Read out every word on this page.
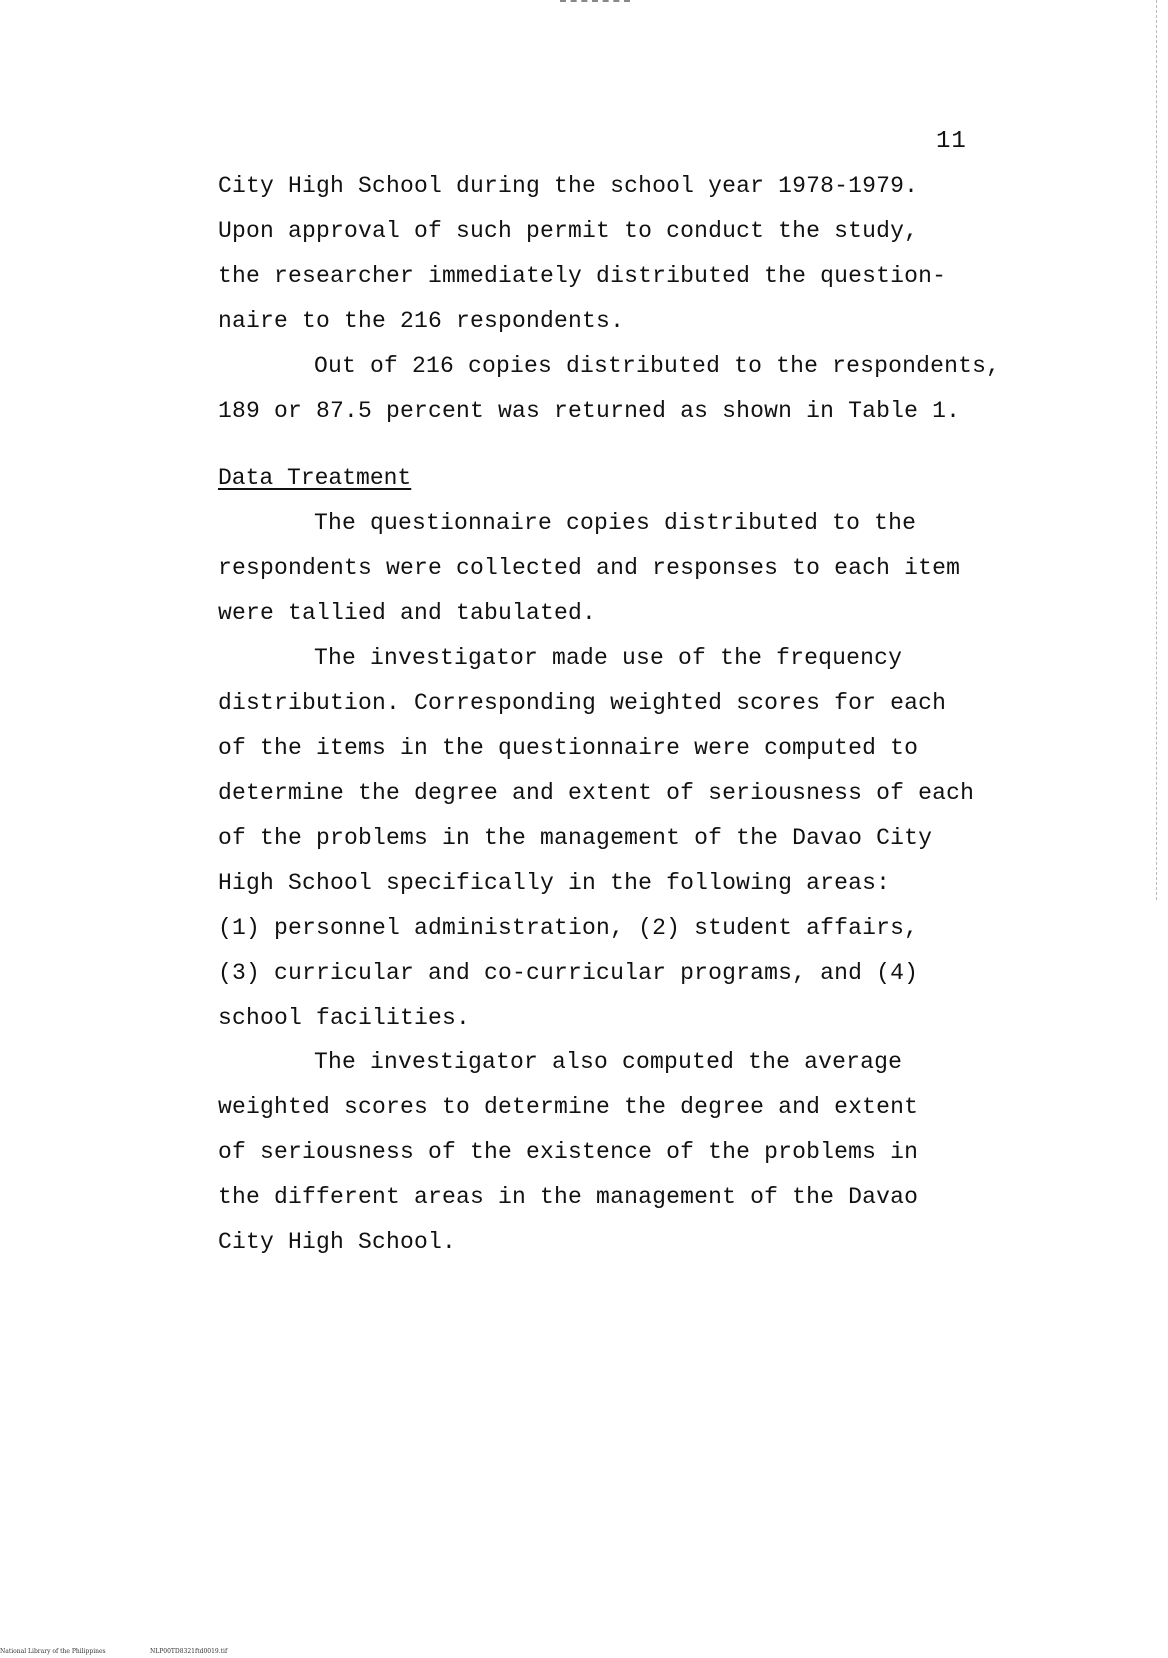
11
City High School during the school year 1978-1979.
Upon approval of such permit to conduct the study,
the researcher immediately distributed the question-
naire to the 216 respondents.
Out of 216 copies distributed to the respondents,
189 or 87.5 percent was returned as shown in Table 1.
Data Treatment
The questionnaire copies distributed to the
respondents were collected and responses to each item
were tallied and tabulated.
The investigator made use of the frequency
distribution. Corresponding weighted scores for each
of the items in the questionnaire were computed to
determine the degree and extent of seriousness of each
of the problems in the management of the Davao City
High School specifically in the following areas:
(1) personnel administration, (2) student affairs,
(3) curricular and co-curricular programs, and (4)
school facilities.
The investigator also computed the average
weighted scores to determine the degree and extent
of seriousness of the existence of the problems in
the different areas in the management of the Davao
City High School.
National Library of the Philippines	NLP00TD8321ftd0019.tif
